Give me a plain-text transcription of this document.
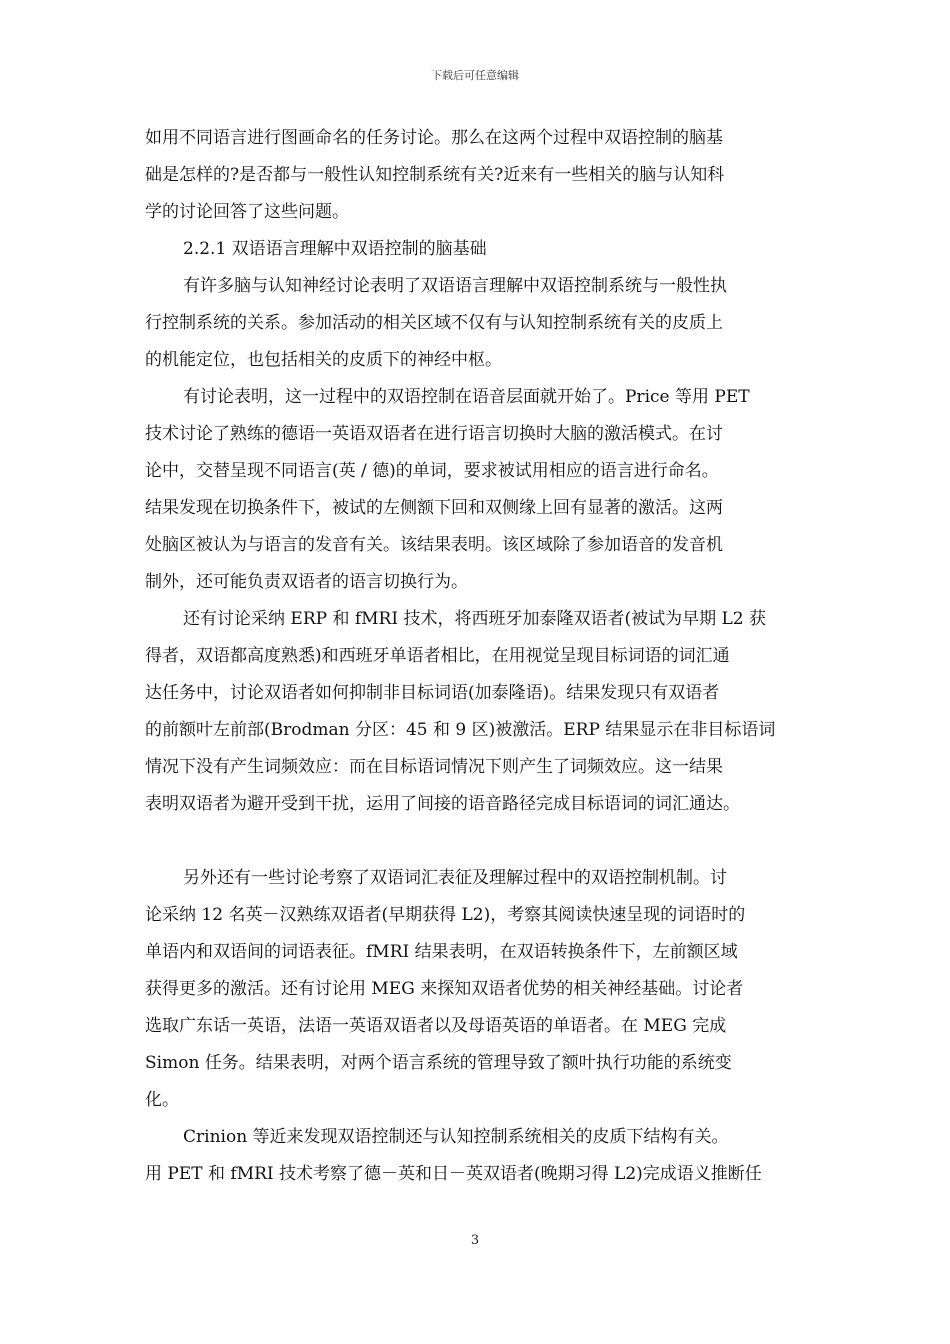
下载后可任意编辑
如用不同语言进行图画命名的任务讨论。那么在这两个过程中双语控制的脑基
础是怎样的?是否都与一般性认知控制系统有关?近来有一些相关的脑与认知科
学的讨论回答了这些问题。
2.2.1 双语语言理解中双语控制的脑基础
有许多脑与认知神经讨论表明了双语语言理解中双语控制系统与一般性执
行控制系统的关系。参加活动的相关区域不仅有与认知控制系统有关的皮质上
的机能定位，也包括相关的皮质下的神经中枢。
有讨论表明，这一过程中的双语控制在语音层面就开始了。Price 等用 PET
技术讨论了熟练的德语一英语双语者在进行语言切换时大脑的激活模式。在讨
论中，交替呈现不同语言(英 / 德)的单词，要求被试用相应的语言进行命名。
结果发现在切换条件下，被试的左侧额下回和双侧缘上回有显著的激活。这两
处脑区被认为与语言的发音有关。该结果表明。该区域除了参加语音的发音机
制外，还可能负责双语者的语言切换行为。
还有讨论采纳 ERP 和 fMRI 技术，将西班牙加泰隆双语者(被试为早期 L2 获
得者，双语都高度熟悉)和西班牙单语者相比，在用视觉呈现目标词语的词汇通
达任务中，讨论双语者如何抑制非目标词语(加泰隆语)。结果发现只有双语者
的前额叶左前部(Brodman 分区：45 和 9 区)被激活。ERP 结果显示在非目标语词
情况下没有产生词频效应：而在目标语词情况下则产生了词频效应。这一结果
表明双语者为避开受到干扰，运用了间接的语音路径完成目标语词的词汇通达。
另外还有一些讨论考察了双语词汇表征及理解过程中的双语控制机制。讨
论采纳 12 名英－汉熟练双语者(早期获得 L2)，考察其阅读快速呈现的词语时的
单语内和双语间的词语表征。fMRI 结果表明，在双语转换条件下，左前额区域
获得更多的激活。还有讨论用 MEG 来探知双语者优势的相关神经基础。讨论者
选取广东话一英语，法语一英语双语者以及母语英语的单语者。在 MEG 完成
Simon 任务。结果表明，对两个语言系统的管理导致了额叶执行功能的系统变
化。
Crinion 等近来发现双语控制还与认知控制系统相关的皮质下结构有关。
用 PET 和 fMRI 技术考察了德－英和日－英双语者(晚期习得 L2)完成语义推断任
3
